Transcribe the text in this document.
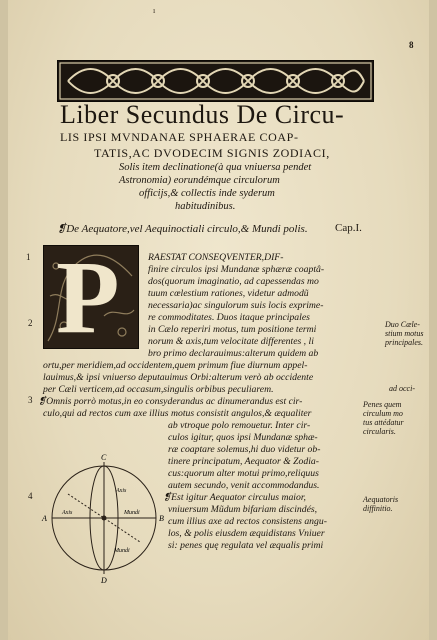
ı
8
Liber Secundus De Circu-
LIS IPSI MVNDANAE SPHAERAE COAP-
TATIS,AC DVODECIM SIGNIS ZODIACI,
Solis item declinatione(à qua vniuersa pendet
Astronomia) eorundémque circulorum
officijs,& collectis inde syderum
habitudinibus.
❡De Aequatore,vel Aequinoctiali circulo,& Mundi polis. Cap.I.
P
1
2
3
4
RAESTAT CONSEQVENTER,DIF-
finire circulos ipsi Mundanæ sphæræ coaptâ-
dos(quorum imaginatio, ad capessendas mo
tuum cœlestium rationes, videtur admodũ
necessaria)ac singulorum suis locis exprime-
re commoditates. Duos itaque principales
in Cælo reperiri motus, tum positione termi
norum & axis,tum velocitate differentes , li
bro primo declarauimus:alterum quidem ab
ortu,per meridiem,ad occidentem,quem primum fiue diurnum appel-
lauimus,& ipsi vniuerso deputauimus Orbi:alterum verò ab occidente
per Cæli verticem,ad occasum,singulis orbibus peculiarem.
❡Omnis porrò motus,in eo consyderandus ac dinumerandus est cir-
culo,qui ad rectos cum axe illius motus consistit angulos,& æqualiter
ab vtroque polo remouetur. Inter cir-
culos igitur, quos ipsi Mundanæ sphæ-
ræ coaptare solemus,hi duo videtur ob-
tinere principatum, Aequator & Zodia-
cus:quorum alter motui primo,reliquus
autem secundo, venit accommodandus.
❡Est igitur Aequator circulus maior,
vniuersum Mũdum bifariam discindés,
cum illius axe ad rectos consistens angu-
los, & polis eiusdem æquidistans Vniuer
si: penes quę regulata vel æqualis primi
Duo Cæle-
stium motus
principales.
ad occi-
Penes quem
circulum mo
tus attédatur
circularis.
Aequatoris
diffinitio.
C
D
A	B
Axis
Mundi
Axis	Mundi
